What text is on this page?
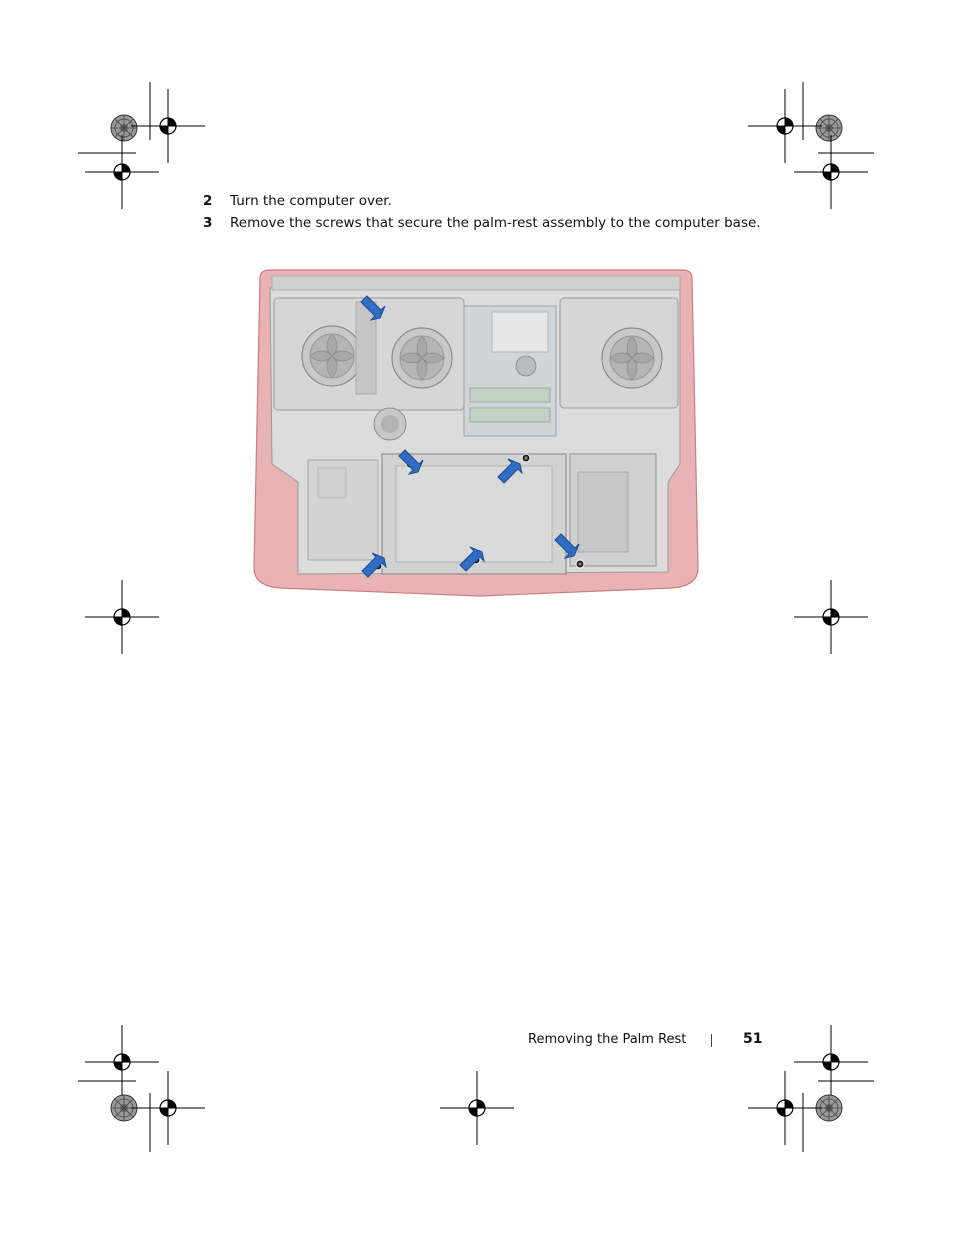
2 Turn the computer over.
3 Remove the screws that secure the palm-rest assembly to the computer base.
Removing the Palm Rest	51
